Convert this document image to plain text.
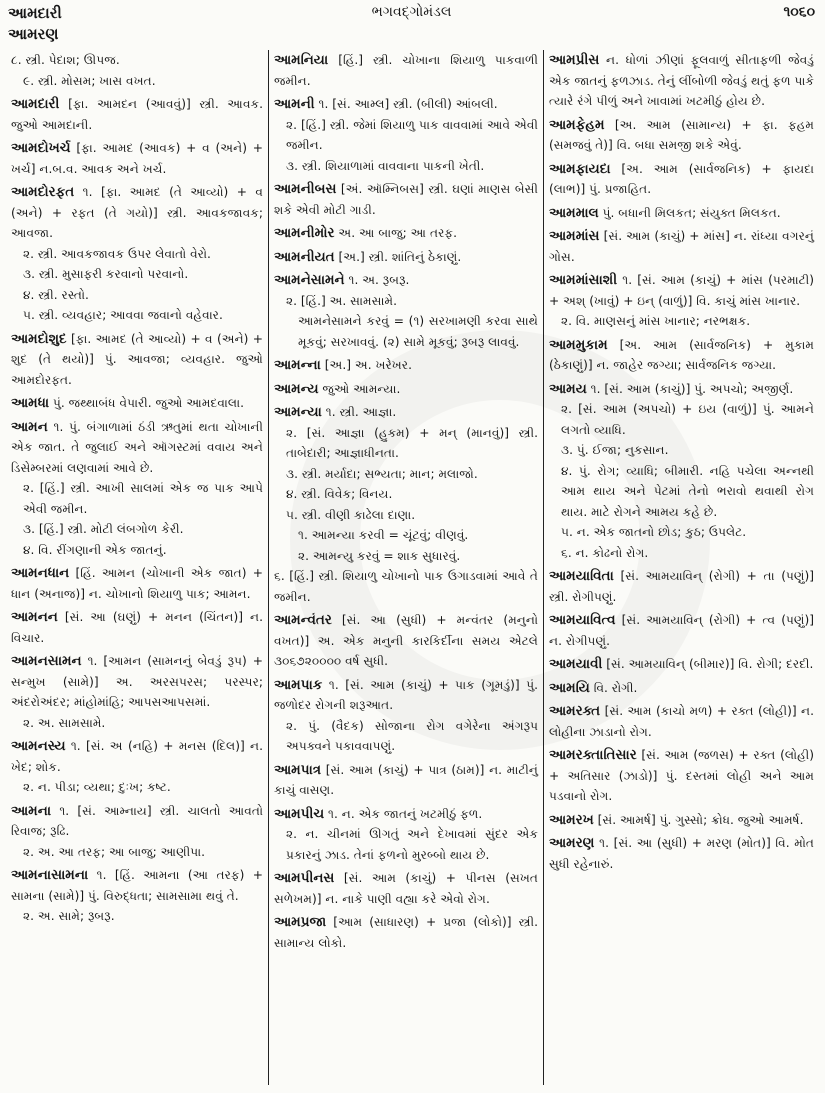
આમદારી	ભગવદ્ગોમંડલ	૧૦૬૦
આમરણ
૮. સ્ત્રી. પેદાશ; ઊપજ.
૯. સ્ત્રી. મોસમ; ખાસ વખત.
આમદારી [ફા. આમદન (આવવું)] સ્ત્રી. આવક. જુઓ આમદાની.
આમદોખર્ચ [ફા. આમદ (આવક) + વ (અને) + ખર્ચ] ન.બ.વ. આવક અને ખર્ચ.
આમદોરફત ૧. [ફા. આમદ (તે આવ્યો) + વ (અને) + રફત (તે ગયો)] સ્ત્રી. આવકજાવક; આવજા.
૨. સ્ત્રી. આવકજાવક ઉપર લેવાતો વેરો.
૩. સ્ત્રી. મુસાફરી કરવાનો પરવાનો.
૪. સ્ત્રી. રસ્તો.
૫. સ્ત્રી. વ્યવહાર; આવવા જવાનો વહેવાર.
આમદોશુદ [ફા. આમદ (તે આવ્યો) + વ (અને) + શુદ (તે થયો)] પું. આવજા; વ્યવહાર. જુઓ આમદોરફત.
આમધા પું. જથ્થાબંધ વેપારી. જુઓ આમદવાલા.
આમન ૧. પું. બંગાળામાં ઠંડી ઋતુમાં થતા ચોખાની એક જાત. તે જુલાઈ અને ઑગસ્ટમાં વવાય અને ડિસેમ્બરમાં લણવામાં આવે છે.
૨. [હિં.] સ્ત્રી. આખી સાલમાં એક જ પાક આપે એવી જમીન.
૩. [હિં.] સ્ત્રી. મોટી લંબગોળ કેરી.
૪. વિ. રીંગણાની એક જાતનું.
આમનધાન [હિં. આમન (ચોખાની એક જાત) + ધાન (અનાજ)] ન. ચોખાનો શિયાળુ પાક; આમન.
આમનન [સં. આ (ઘણું) + મનન (ચિંતન)] ન. વિચાર.
આમનસામન ૧. [આમન (સામનનું બેવડું રૂપ) + સન્મુખ (સામે)] અ. અરસપરસ; પરસ્પર; અંદરોઅંદર; માંહોમાંહિ; આપસઆપસમાં.
૨. અ. સામસામે.
આમનસ્ય ૧. [સં. અ (નહિ) + મનસ (દિલ)] ન. ખેદ; શોક.
૨. ન. પીડા; વ્યથા; દુઃખ; કષ્ટ.
આમના ૧. [સં. આમ્નાય] સ્ત્રી. ચાલતો આવતો રિવાજ; રૂઢિ.
૨. અ. આ તરફ; આ બાજુ; આણીપા.
આમનાસામના ૧. [હિં. આમના (આ તરફ) + સામના (સામે)] પું. વિરુદ્ધતા; સામસામા થવું તે.
૨. અ. સામે; રૂબરૂ.
આમનિયા [હિં.] સ્ત્રી. ચોખાના શિયાળુ પાકવાળી જમીન.
આમની ૧. [સં. આમ્લ] સ્ત્રી. (બીલી) આંબલી.
૨. [હિં.] સ્ત્રી. જેમાં શિયાળુ પાક વાવવામાં આવે એવી જમીન.
૩. સ્ત્રી. શિયાળામાં વાવવાના પાકની ખેતી.
આમનીબસ [અં. ઑમ્નિબસ] સ્ત્રી. ઘણાં માણસ બેસી શકે એવી મોટી ગાડી.
આમનીમોર અ. આ બાજુ; આ તરફ.
આમનીયત [અ.] સ્ત્રી. શાંતિનું ઠેકાણું.
આમનેસામને ૧. અ. રૂબરૂ.
૨. [હિં.] અ. સામસામે.
આમનેસામને કરવું = (૧) સરખામણી કરવા સાથે મૂકવું; સરખાવવું. (૨) સામે મૂકવું; રૂબરૂ લાવવું.
આમન્ના [અ.] અ. ખરેખર.
આમન્ય જુઓ આમન્યા.
આમન્યા ૧. સ્ત્રી. આજ્ઞા.
૨. [સં. આજ્ઞા (હુકમ) + મન્ (માનવું)] સ્ત્રી. તાબેદારી; આજ્ઞાધીનતા.
૩. સ્ત્રી. મર્યાદા; સભ્યતા; માન; મલાજો.
૪. સ્ત્રી. વિવેક; વિનય.
૫. સ્ત્રી. વીણી કાઢેલા દાણા.
૧. આમન્યા કરવી = ચૂંટવું; વીણવું.
૨. આમન્યુ કરવું = શાક સુધારવું.
૬. [હિં.] સ્ત્રી. શિયાળુ ચોખાનો પાક ઉગાડવામાં આવે તે જમીન.
આમન્વંતર [સં. આ (સુધી) + મન્વંતર (મનુનો વખત)] અ. એક મનુની કારકિર્દીના સમય એટલે ૩૦૬૭૨૦૦૦૦ વર્ષ સુધી.
આમપાક ૧. [સં. આમ (કાચું) + પાક (ગૂમડું)] પું. જળોદર રોગની શરૂઆત.
૨. પું. (વૈદક) સોજાના રોગ વગેરેના અંગરૂપ અપક્વને પકાવવાપણું.
આમપાત્ર [સં. આમ (કાચું) + પાત્ર (ઠામ)] ન. માટીનું કાચું વાસણ.
આમપીચ ૧. ન. એક જાતનું ખટમીઠું ફળ.
૨. ન. ચીનમાં ઊગતું અને દેખાવમાં સુંદર એક પ્રકારનું ઝાડ. તેનાં ફળનો મુરબ્બો થાય છે.
આમપીનસ [સં. આમ (કાચું) + પીનસ (સખત સળેખમ)] ન. નાકે પાણી વહ્યા કરે એવો રોગ.
આમપ્રજા [આમ (સાધારણ) + પ્રજા (લોકો)] સ્ત્રી. સામાન્ય લોકો.
આમપ્રીસ ન. ધોળાં ઝીણાં ફૂલવાળું સીતાફળી જેવડું એક જાતનું ફળઝાડ. તેનું લીંબોળી જેવડું થતું ફળ પાકે ત્યારે રંગે પીળું અને ખાવામાં ખટમીઠું હોય છે.
આમફેહમ [અ. આમ (સામાન્ય) + ફા. ફહમ (સમજવું તે)] વિ. બધા સમજી શકે એવું.
આમફાયદા [અ. આમ (સાર્વજનિક) + ફાયદા (લાભ)] પું. પ્રજાહિત.
આમમાલ પું. બધાની મિલકત; સંયુક્ત મિલકત.
આમમાંસ [સં. આમ (કાચું) + માંસ] ન. રાંધ્યા વગરનું ગોસ.
આમમાંસાશી ૧. [સં. આમ (કાચું) + માંસ (પરમાટી) + અશ્ (ખાવું) + ઇન્ (વાળું)] વિ. કાચું માંસ ખાનાર.
૨. વિ. માણસનું માંસ ખાનાર; નરભક્ષક.
આમમુકામ [અ. આમ (સાર્વજનિક) + મુકામ (ઠેકાણું)] ન. જાહેર જગ્યા; સાર્વજનિક જગ્યા.
આમય ૧. [સં. આમ (કાચું)] પું. અપચો; અજીર્ણ.
૨. [સં. આમ (અપચો) + ઇય (વાળું)] પું. આમને લગતો વ્યાધિ.
૩. પું. ઈજા; નુકસાન.
૪. પું. રોગ; વ્યાધિ; બીમારી. નહિ પચેલા અન્નથી આમ થાય અને પેટમાં તેનો ભરાવો થવાથી રોગ થાય. માટે રોગને આમય કહે છે.
૫. ન. એક જાતનો છોડ; કુઠ; ઉપલેટ.
૬. ન. કોઢનો રોગ.
આમયાવિતા [સં. આમયાવિન્ (રોગી) + તા (પણું)] સ્ત્રી. રોગીપણું.
આમયાવિત્વ [સં. આમયાવિન્ (રોગી) + ત્વ (પણું)] ન. રોગીપણું.
આમયાવી [સં. આમયાવિન્ (બીમાર)] વિ. રોગી; દરદી.
આમયિ વિ. રોગી.
આમરક્ત [સં. આમ (કાચો મળ) + રક્ત (લોહી)] ન. લોહીના ઝાડાનો રોગ.
આમરક્તાતિસાર [સં. આમ (જળસ) + રક્ત (લોહી) + અતિસાર (ઝાડો)] પું. દસ્તમાં લોહી અને આમ પડવાનો રોગ.
આમરખ [સં. આમર્ષ] પું. ગુસ્સો; ક્રોધ. જુઓ આમર્ષ.
આમરણ ૧. [સં. આ (સુધી) + મરણ (મોત)] વિ. મોત સુધી રહેનારું.
